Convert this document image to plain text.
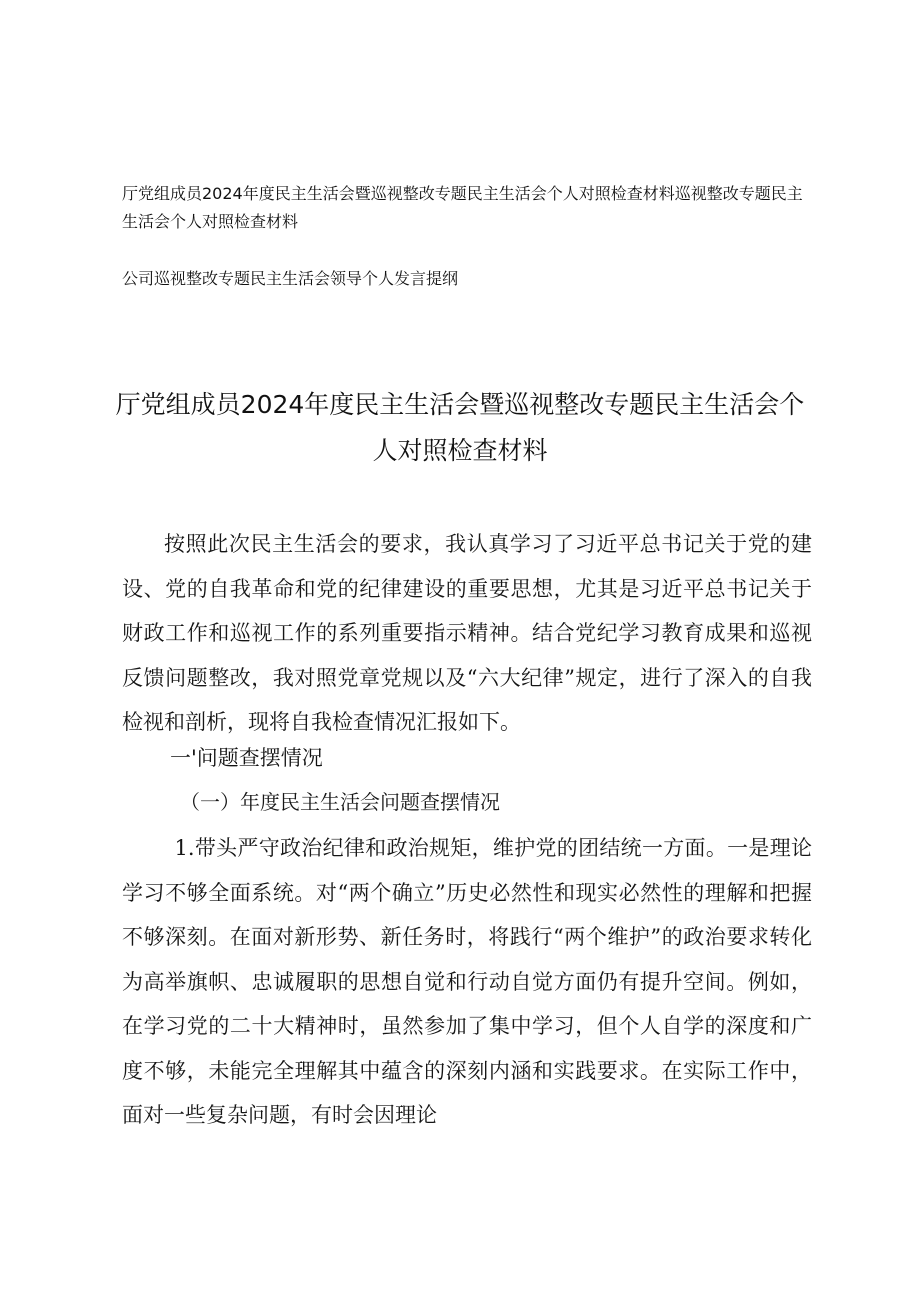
厅党组成员2024年度民主生活会暨巡视整改专题民主生活会个人对照检查材料巡视整改专题民主生活会个人对照检查材料

公司巡视整改专题民主生活会领导个人发言提纲

厅党组成员2024年度民主生活会暨巡视整改专题民主生活会个人对照检查材料

按照此次民主生活会的要求，我认真学习了习近平总书记关于党的建设、党的自我革命和党的纪律建设的重要思想，尤其是习近平总书记关于财政工作和巡视工作的系列重要指示精神。结合党纪学习教育成果和巡视反馈问题整改，我对照党章党规以及“六大纪律”规定，进行了深入的自我检视和剖析，现将自我检查情况汇报如下。

一'问题查摆情况
（一）年度民主生活会问题查摆情况

1.带头严守政治纪律和政治规矩，维护党的团结统一方面。一是理论学习不够全面系统。对“两个确立”历史必然性和现实必然性的理解和把握不够深刻。在面对新形势、新任务时，将践行“两个维护”的政治要求转化为高举旗帜、忠诚履职的思想自觉和行动自觉方面仍有提升空间。例如，在学习党的二十大精神时，虽然参加了集中学习，但个人自学的深度和广度不够，未能完全理解其中蕴含的深刻内涵和实践要求。在实际工作中，面对一些复杂问题，有时会因理论
